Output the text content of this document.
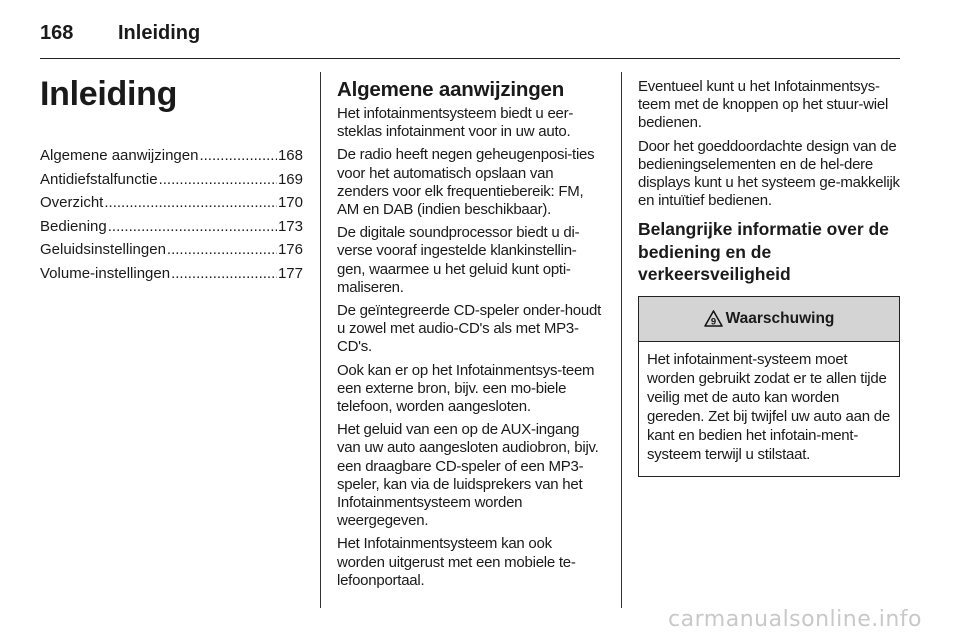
168 Inleiding
Inleiding
Algemene aanwijzingen .....	168
Antidiefstalfunctie .....	169
Overzicht .....	170
Bediening .....	173
Geluidsinstellingen .....	176
Volume-instellingen .....	177
Algemene aanwijzingen

Het infotainmentsysteem biedt u eer-steklas infotainment voor in uw auto.

De radio heeft negen geheugenposi-ties voor het automatisch opslaan van zenders voor elk frequentiebereik: FM, AM en DAB (indien beschikbaar).

De digitale soundprocessor biedt u di-verse vooraf ingestelde klankinstellin-gen, waarmee u het geluid kunt opti-maliseren.

De geïntegreerde CD-speler onder-houdt u zowel met audio-CD's als met MP3-CD's.

Ook kan er op het Infotainmentsys-teem een externe bron, bijv. een mo-biele telefoon, worden aangesloten.

Het geluid van een op de AUX-ingang van uw auto aangesloten audiobron, bijv. een draagbare CD-speler of een MP3-speler, kan via de luidsprekers van het Infotainmentsysteem worden weergegeven.

Het Infotainmentsysteem kan ook worden uitgerust met een mobiele te-lefoonportaal.

Eventueel kunt u het Infotainmentsys-teem met de knoppen op het stuur-wiel bedienen.

Door het goeddoordachte design van de bedieningselementen en de hel-dere displays kunt u het systeem ge-makkelijk en intuïtief bedienen.

Belangrijke informatie over de bediening en de verkeersveiligheid
9 Waarschuwing

Het infotainment-systeem moet worden gebruikt zodat er te allen tijde veilig met de auto kan worden gereden. Zet bij twijfel uw auto aan de kant en bedien het infotain-ment-systeem terwijl u stilstaat.

carmanualsonline.info
